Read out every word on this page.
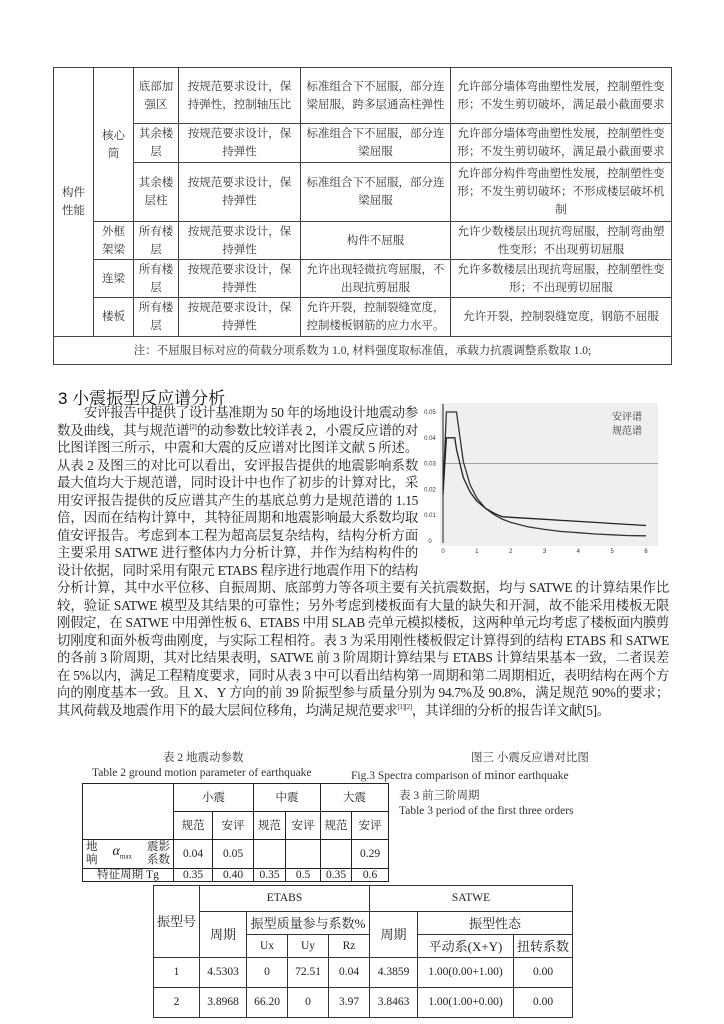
构件性能	核心筒	底部加强区	按规范要求设计，保持弹性，控制轴压比	标准组合下不屈服，部分连梁屈服，跨多层通高柱弹性	允许部分墙体弯曲塑性发展，控制塑性变形；不发生剪切破坏，满足最小截面要求
		其余楼层	按规范要求设计，保持弹性	标准组合下不屈服，部分连梁屈服	允许部分墙体弯曲塑性发展，控制塑性变形；不发生剪切破坏，满足最小截面要求
		其余楼层柱	按规范要求设计，保持弹性	标准组合下不屈服，部分连梁屈服	允许部分构件弯曲塑性发展，控制塑性变形；不发生剪切破坏；不形成楼层破坏机制
	外框架梁	所有楼层	按规范要求设计，保持弹性	构件不屈服	允许少数楼层出现抗弯屈服，控制弯曲塑性变形；不出现剪切屈服
	连梁	所有楼层	按规范要求设计，保持弹性	允许出现轻微抗弯屈服，不出现抗剪屈服	允许多数楼层出现抗弯屈服，控制塑性变形；不出现剪切屈服
	楼板	所有楼层	按规范要求设计，保持弹性	允许开裂，控制裂缝宽度，控制楼板钢筋的应力水平。	允许开裂，控制裂缝宽度，钢筋不屈服
注：不屈服目标对应的荷载分项系数为 1.0, 材料强度取标准值，承载力抗震调整系数取 1.0;					
3 小震振型反应谱分析
安评报告中提供了设计基准期为 50 年的场地设计地震动参数及曲线，其与规范谱[2]的动参数比较详表 2，小震反应谱的对比图详图三所示，中震和大震的反应谱对比图详文献 5 所述。从表 2 及图三的对比可以看出，安评报告提供的地震影响系数最大值均大于规范谱，同时设计中也作了初步的计算对比，采用安评报告提供的反应谱其产生的基底总剪力是规范谱的 1.15 倍，因而在结构计算中，其特征周期和地震影响最大系数均取值安评报告。考虑到本工程为超高层复杂结构，结构分析方面主要采用 SATWE 进行整体内力分析计算，并作为结构构件的设计依据，同时采用有限元 ETABS 程序进行地震作用下的结构分析计算，其中水平位移、自振周期、底部剪力等各项主要有关抗震数据，均与 SATWE 的计算结果作比较，验证 SATWE 模型及其结果的可靠性；另外考虑到楼板面有大量的缺失和开洞，故不能采用楼板无限刚假定，在 SATWE 中用弹性板 6、ETABS 中用 SLAB 壳单元模拟楼板，这两种单元均考虑了楼板面内膜剪切刚度和面外板弯曲刚度，与实际工程相符。表 3 为采用刚性楼板假定计算得到的结构 ETABS 和 SATWE 的各前 3 阶周期，其对比结果表明，SATWE 前 3 阶周期计算结果与 ETABS 计算结果基本一致，二者误差在 5%以内，满足工程精度要求，同时从表 3 中可以看出结构第一周期和第二周期相近，表明结构在两个方向的刚度基本一致。且 X、Y 方向的前 39 阶振型参与质量分别为 94.7%及 90.8%，满足规范 90%的要求；其风荷载及地震作用下的最大层间位移角，均满足规范要求[1][2]，其详细的分析的报告详文献[5]。
0	1	2	3	4	5	6
0
0.01
0.02
0.03
0.04
0.05	安评谱
规范谱
表 2 地震动参数
Table 2 ground motion parameter of earthquake
图三 小震反应谱对比图
Fig.3 Spectra comparison of minor earthquake
表 3 前三阶周期
Table 3 period of the first three orders
	小震		中震		大震	
	规范	安评	规范	安评	规范	安评

地
响
$\alpha_{max}$
震影
系数	0.04	0.05				0.29
特征周期 Tg	0.35	0.40	0.35	0.5	0.35	0.6
振型号	ETABS				SATWE		
	周期	振型质量参与系数%			周期	振型性态	
		Ux	Uy	Rz		平动系(X+Y)	扭转系数
1	4.5303	0	72.51	0.04	4.3859	1.00(0.00+1.00)	0.00
2	3.8968	66.20	0	3.97	3.8463	1.00(1.00+0.00)	0.00
